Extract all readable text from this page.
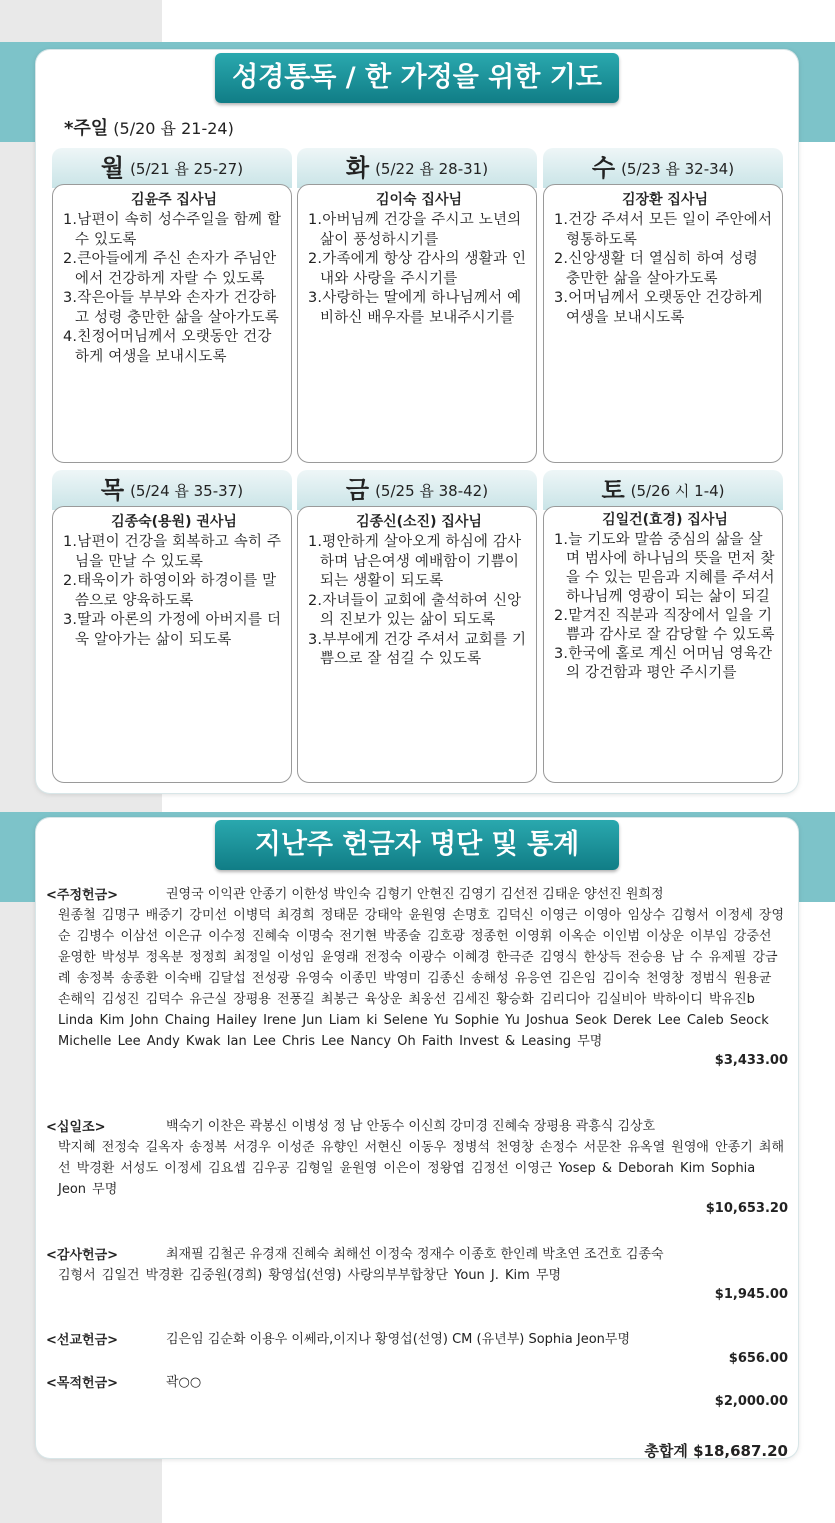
성경통독 / 한 가정을 위한 기도
*주일 (5/20 욥 21-24)
월 (5/21 욥 25-27)
김윤주 집사님
1.남편이 속히 성수주일을 함께 할 수 있도록
2.큰아들에게 주신 손자가 주님안에서 건강하게 자랄 수 있도록
3.작은아들 부부와 손자가 건강하고 성령 충만한 삶을 살아가도록
4.친정어머님께서 오랫동안 건강하게 여생을 보내시도록
화 (5/22 욥 28-31)
김이숙 집사님
1.아버님께 건강을 주시고 노년의 삶이 풍성하시기를
2.가족에게 항상 감사의 생활과 인내와 사랑을 주시기를
3.사랑하는 딸에게 하나님께서 예비하신 배우자를 보내주시기를
수 (5/23 욥 32-34)
김장환 집사님
1.건강 주셔서 모든 일이 주안에서 형통하도록
2.신앙생활 더 열심히 하여 성령 충만한 삶을 살아가도록
3.어머님께서 오랫동안 건강하게 여생을 보내시도록
목 (5/24 욥 35-37)
김종숙(용원) 권사님
1.남편이 건강을 회복하고 속히 주님을 만날 수 있도록
2.태욱이가 하영이와 하경이를 말씀으로 양육하도록
3.딸과 아론의 가정에 아버지를 더욱 알아가는 삶이 되도록
금 (5/25 욥 38-42)
김종신(소진) 집사님
1.평안하게 살아오게 하심에 감사하며 남은여생 예배함이 기쁨이 되는 생활이 되도록
2.자녀들이 교회에 출석하여 신앙의 진보가 있는 삶이 되도록
3.부부에게 건강 주셔서 교회를 기쁨으로 잘 섬길 수 있도록
토 (5/26 시 1-4)
김일건(효경) 집사님
1.늘 기도와 말씀 중심의 삶을 살며 범사에 하나님의 뜻을 먼저 찾을 수 있는 믿음과 지혜를 주셔서 하나님께 영광이 되는 삶이 되길
2.맡겨진 직분과 직장에서 일을 기쁨과 감사로 잘 감당할 수 있도록
3.한국에 홀로 계신 어머님 영육간의 강건함과 평안 주시기를
지난주 헌금자 명단 및 통계
<주정헌금>	권영국 이익관 안종기 이한성 박인숙 김형기 안현진 김영기 김선전 김태운 양선진 원희정
원종철 김명구 배중기 강미선 이병덕 최경희 정태문 강태악 윤원영 손명호 김덕신 이영근 이영아 임상수 김형서 이정세 장영순 김병수 이삼선 이은규 이수정 진혜숙 이명숙 전기현 박종술 김호광 정종헌 이영휘 이옥순 이인범 이상운 이부임 강중선 윤영한 박성부 정옥분 정정희 최정일 이성임 윤영래 전정숙 이광수 이혜경 한극준 김영식 한상득 전승용 남 수 유제필 강금례 송정복 송종환 이숙배 김달섭 전성광 유영숙 이종민 박영미 김종신 송해성 유응연 김은임 김이숙 천영창 정범식 원용균 손해익 김성진 김덕수 유근실 장평용 전풍길 최봉근 육상운 최웅선 김세진 황승화 김리디아 김실비아 박하이디 박유진b Linda Kim John Chaing Hailey Irene Jun Liam ki Selene Yu Sophie Yu Joshua Seok Derek Lee Caleb Seock Michelle Lee Andy Kwak Ian Lee Chris Lee Nancy Oh Faith Invest & Leasing 무명
$3,433.00
<십일조>	백숙기 이찬은 곽봉신 이병성 정 남 안동수 이신희 강미경 진혜숙 장평용 곽흥식 김상호
박지혜 전정숙 길옥자 송정복 서경우 이성준 유향인 서현신 이동우 정병석 천영창 손정수 서문찬 유옥열 원영애 안종기 최해선 박경환 서성도 이정세 김요셉 김우공 김형일 윤원영 이은이 정왕엽 김정선 이영근 Yosep & Deborah Kim Sophia Jeon 무명
$10,653.20
<감사헌금>	최재필 김철곤 유경재 진혜숙 최해선 이정숙 정재수 이종호 한인례 박초연 조건호 김종숙
김형서 김일건 박경환 김중원(경희) 황영섭(선영) 사랑의부부합창단 Youn J. Kim 무명
$1,945.00
<선교헌금>	김은임 김순화 이용우 이쎄라,이지나 황영섭(선영) CM (유년부) Sophia Jeon무명
$656.00
<목적헌금>	곽○○
$2,000.00
총합계 $18,687.20
